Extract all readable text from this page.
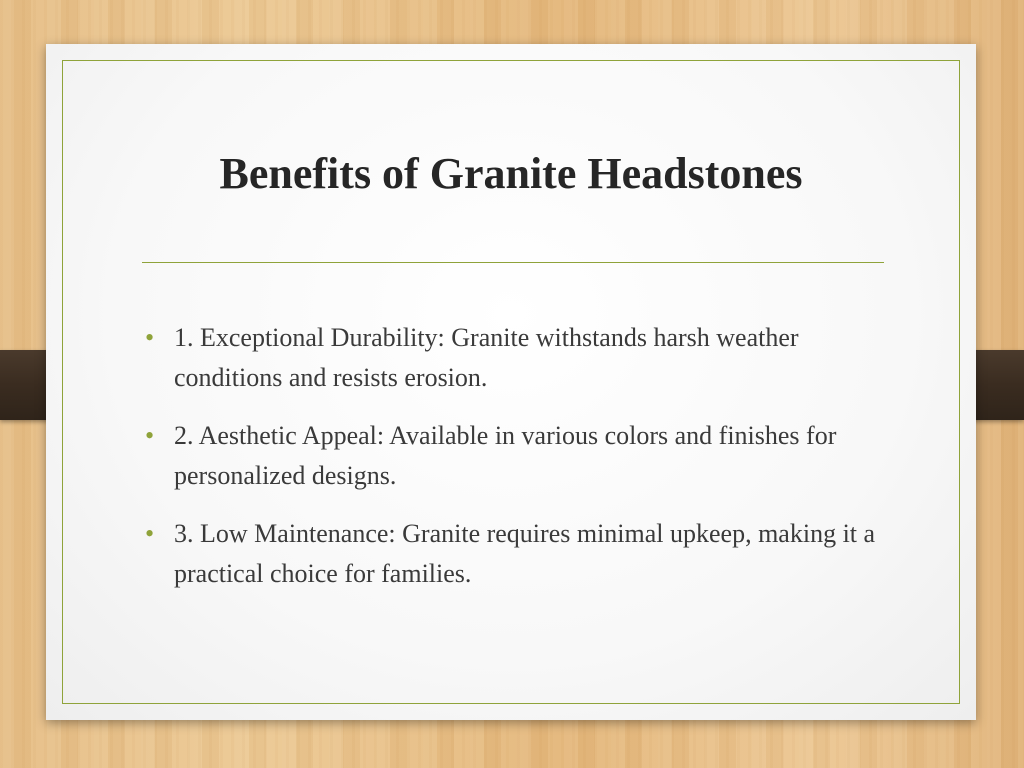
Benefits of Granite Headstones
• 1. Exceptional Durability: Granite withstands harsh weather conditions and resists erosion.
• 2. Aesthetic Appeal: Available in various colors and finishes for personalized designs.
• 3. Low Maintenance: Granite requires minimal upkeep, making it a practical choice for families.
